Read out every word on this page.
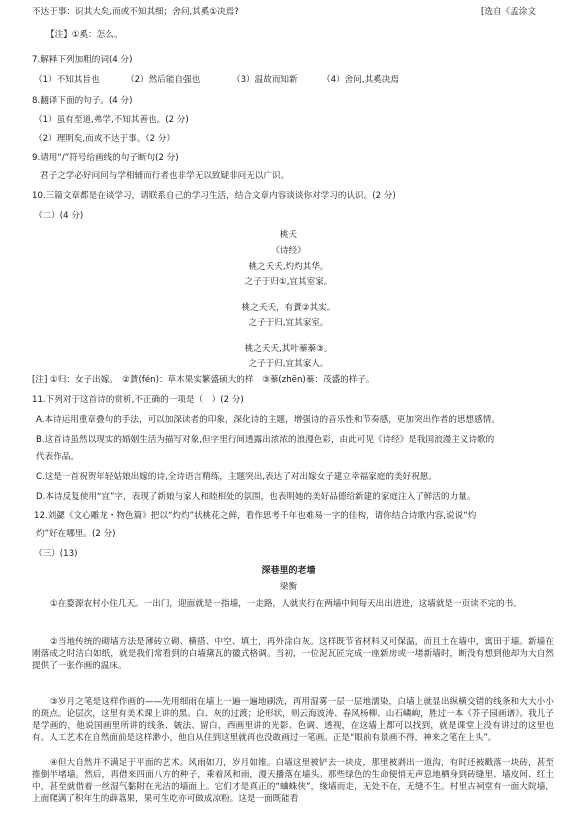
不达于事：识其大矣,而或不知其细；舍问,其奚①决焉?	[选自《孟涂文
【注】①奚：怎么。
7.解释下列加粗的词(4 分)
（1）不知其旨也	（2）然后能自强也	（3）温故而知新	（4）舍问,其奚决焉
8.翻译下面的句子。(4 分)
（1）虽有至道,弗学,不知其善也。(2 分)
（2）理明矣,而或不达于事。（2 分）
9.请用“/”符号给画线的句子断句(2 分)
君子之学必好问问与学相辅而行者也非学无以致疑非问无以广识。
10.三篇文章都是在谈学习，请联系自己的学习生活，结合文章内容谈谈你对学习的认识。(2 分)
（二）(4 分)
桃夭
《诗经》
桃之夭夭,灼灼其华。
之子于归①,宜其室家。
桃之夭夭，有蕡②其实。
之子于归,宜其家室。
桃之夭夭,其叶蓁蓁③。
之子于归,宜其家人。
[注] ①归：女子出嫁。　②蕡(fén)：草木果实繁盛硕大的样　③蓁(zhēn)蓁：茂盛的样子。
11.下列对于这首诗的赏析,不正确的一项是（　）(2 分)
A.本诗运用重章叠句的手法，可以加深读者的印象，深化诗的主题，增强诗的音乐性和节奏感，更加突出作者的思想感情。
B.这首诗虽然以现实的婚姻生活为描写对象,但字里行间透露出浓浓的浪漫色彩，由此可见《诗经》是我国浪漫主义诗歌的
代表作品。
C.这是一首祝贺年轻姑娘出嫁的诗,全诗语言精练，主题突出,表达了对出嫁女子建立幸福家庭的美好祝愿。
D.本诗反复使用“宜”字，表现了新娘与家人和睦相处的氛围，也表明她的美好品德给新建的家庭注入了鲜活的力量。
12.刘勰《文心雕龙・物色篇》把以“灼灼”状桃花之鲜，看作思考千年也难易一字的佳构，请你结合诗歌内容,说说“灼
灼”好在哪里。(2 分)
（三）(13)
深巷里的老墙
梁衡
①在婺源农村小住几天。一出门，迎面就是一指墙，一走路，人就夹行在两墙中间每天出出进进，这墙就是一页读不完的书。
②当地传统的砌墙方法是薄砖立砌、横搭、中空、填土，再外涂白灰。这样既节省材料又可保温，而且土在墙中，寓田于墙。新墙在刚落成之时洁白如纸，就是我们常看到的白墙黛瓦的徽式格调。当初，一位泥瓦匠完成一座新房或一堵新墙时，断没有想到他却为大自然提供了一张作画的温床。
③岁月之笔是这样作画的——先用细雨在墙上一遍一遍地刷洗，再用湿雾一层一层地濡染，白墙上就显出纵横交错的线条和大大小小的斑点。论层次，这里有美术课上讲的黑、白、灰的过渡；论形状，则云海波涛、春风杨柳、山石嶙峋，胜过一本《芥子园画谱》。我儿子是学画的，他说国画里所讲的线条、皴法、留白，西画里讲的光影、色调、透视，在这墙上都可以找到，就是课堂上没有讲过的这里也有。人工艺术在自然面前是这样渺小，他自从住到这里就再也没敢画过一笔画。正是“眼前有景画不得，神来之笔在上头”。
④但大自然并不满足于平面的艺术。风雨如刀，岁月如锥。白墙这里被铲去一块皮，那里被剥出一道沟，有时还被戳落一块砖，甚至推倒半堵墙。然后，再借来四面八方的种子，乘着风和雨，漫天播落在墙头。那些绿色的生命便悄无声息地栖身到砖缝里、墙皮间、红土中，甚至就借着一丝湿气黏附在光洁的墙面上。它们才是真正的“蛐蛛侠”，缘墙而走，无处不在，无缝不生。村里古祠堂有一面大院墙，上面爬满了积年生的薜荔果，果可生吃亦可做成凉粉。这是一面既能看
